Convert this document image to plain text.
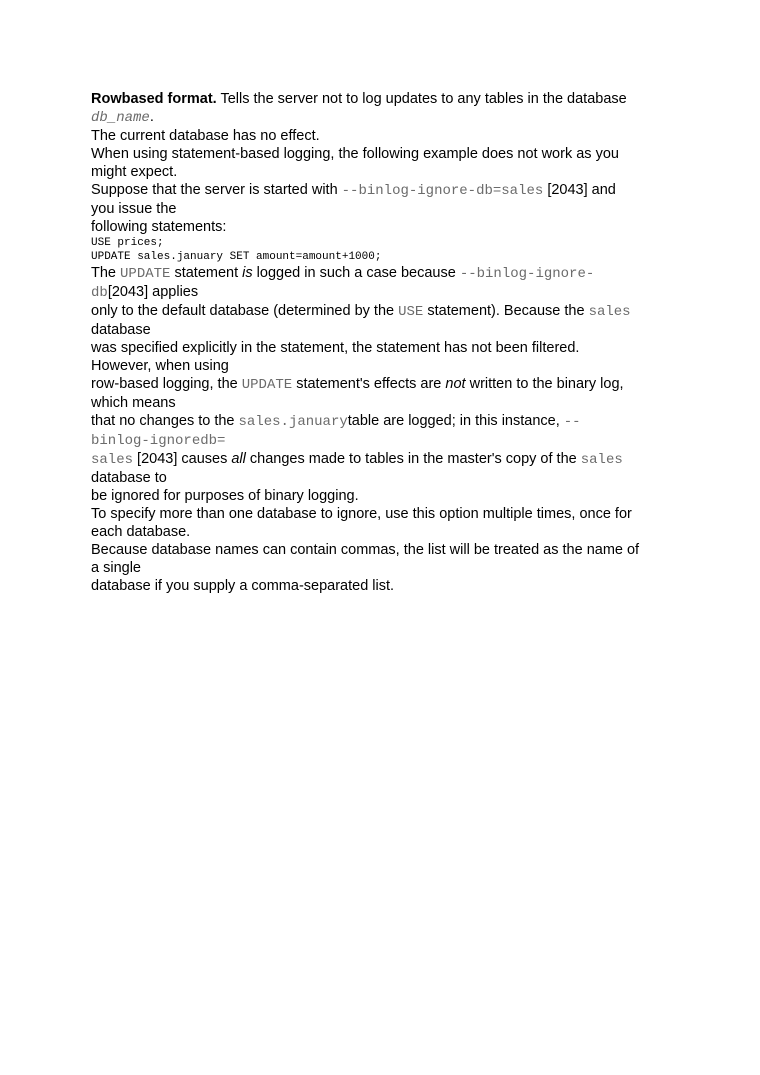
Rowbased format. Tells the server not to log updates to any tables in the database
db_name.
The current database has no effect.
When using statement-based logging, the following example does not work as you
might expect.
Suppose that the server is started with --binlog-ignore-db=sales [2043] and
you issue the
following statements:
USE prices;
UPDATE sales.january SET amount=amount+1000;
The UPDATE statement is logged in such a case because --binlog-ignore-
db[2043] applies
only to the default database (determined by the USE statement). Because the sales
database
was specified explicitly in the statement, the statement has not been filtered.
However, when using
row-based logging, the UPDATE statement's effects are not written to the binary log,
which means
that no changes to the sales.januarytable are logged; in this instance, --
binlog-ignoredb=
sales [2043] causes all changes made to tables in the master's copy of the sales
database to
be ignored for purposes of binary logging.
To specify more than one database to ignore, use this option multiple times, once for
each database.
Because database names can contain commas, the list will be treated as the name of
a single
database if you supply a comma-separated list.
